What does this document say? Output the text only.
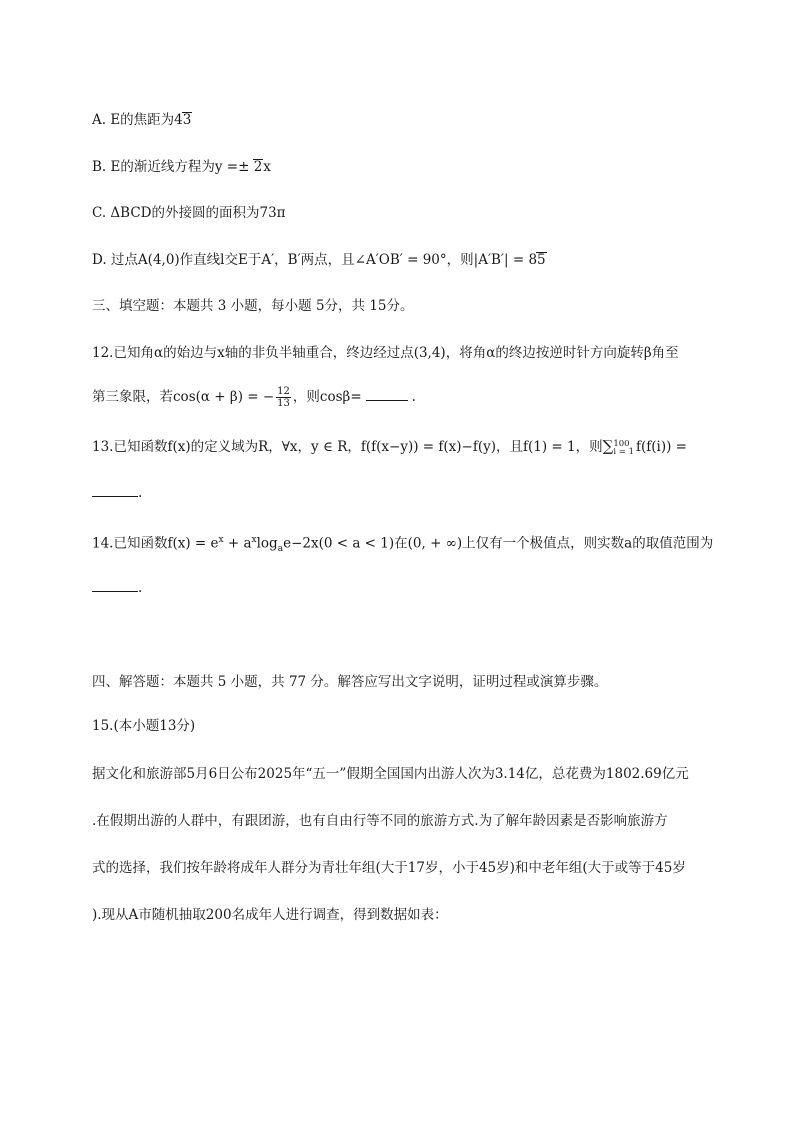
A. E的焦距为43
B. E的渐近线方程为y =± 2x
C. ΔBCD的外接圆的面积为73π
D. 过点A(4,0)作直线l交E于A′，B′两点，且∠A′OB′ = 90°，则|A′B′| = 85
三、填空题：本题共 3 小题，每小题 5分，共 15分。
12.已知角α的始边与x轴的非负半轴重合，终边经过点(3,4)，将角α的终边按逆时针方向旋转β角至
第三象限，若cos(α + β) = − $\frac{12}{13}$ ，则cosβ=	.
13.已知函数f(x)的定义域为R，∀x，y ∈ R，f(f(x−y)) = f(x)−f(y)，且f(1) = 1，则∑ 100
i = 1 f(f(i)) =
.
14.已知函数$f(x) = e^x + a^x\log_ae-2x(0 < a < 1)$在(0, + ∞)上仅有一个极值点，则实数a的取值范围为
.
四、解答题：本题共 5 小题，共 77 分。解答应写出文字说明，证明过程或演算步骤。
15.(本小题13分)
据文化和旅游部5月6日公布2025年“五一”假期全国国内出游人次为3.14亿，总花费为1802.69亿元
.在假期出游的人群中，有跟团游，也有自由行等不同的旅游方式.为了解年龄因素是否影响旅游方
式的选择，我们按年龄将成年人群分为青壮年组(大于17岁，小于45岁)和中老年组(大于或等于45岁
).现从A市随机抽取200名成年人进行调查，得到数据如表：
